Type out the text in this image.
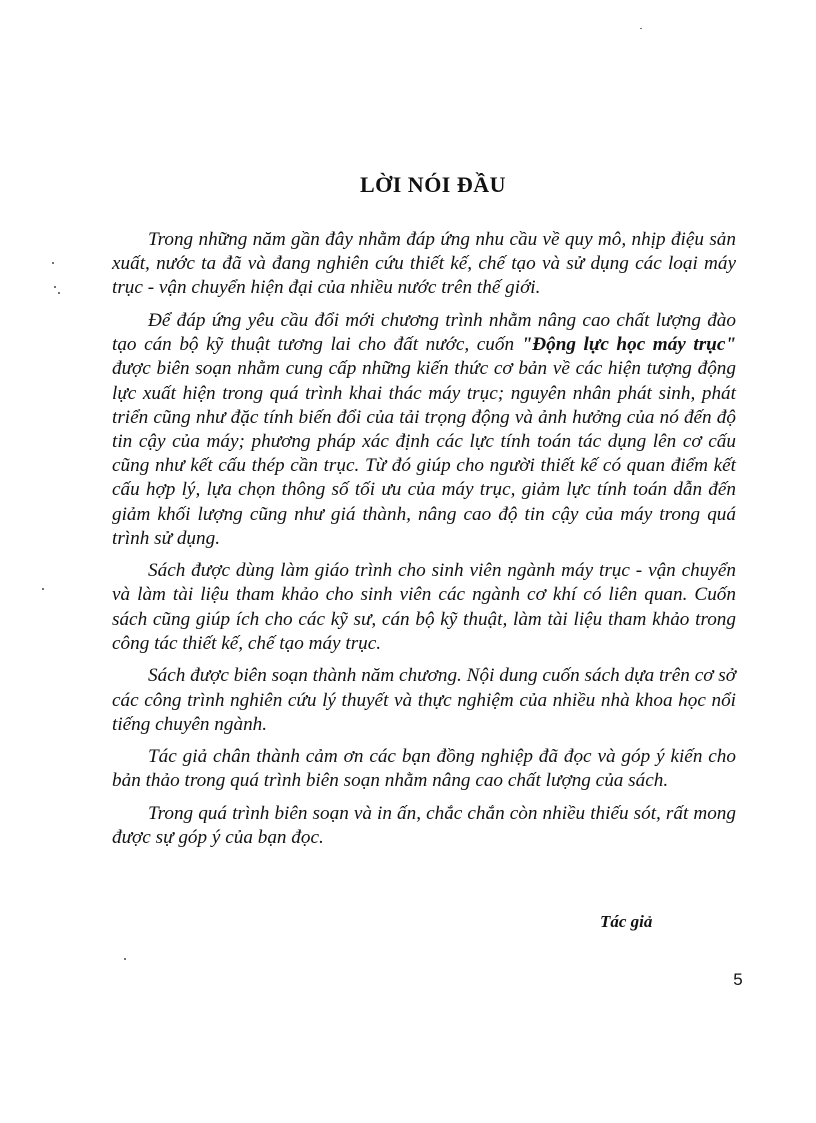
LỜI NÓI ĐẦU

Trong những năm gần đây nhằm đáp ứng nhu cầu về quy mô, nhịp điệu sản xuất, nước ta đã và đang nghiên cứu thiết kế, chế tạo và sử dụng các loại máy trục - vận chuyển hiện đại của nhiều nước trên thế giới.

Để đáp ứng yêu cầu đổi mới chương trình nhằm nâng cao chất lượng đào tạo cán bộ kỹ thuật tương lai cho đất nước, cuốn "Động lực học máy trục" được biên soạn nhằm cung cấp những kiến thức cơ bản về các hiện tượng động lực xuất hiện trong quá trình khai thác máy trục; nguyên nhân phát sinh, phát triển cũng như đặc tính biến đổi của tải trọng động và ảnh hưởng của nó đến độ tin cậy của máy; phương pháp xác định các lực tính toán tác dụng lên cơ cấu cũng như kết cấu thép cần trục. Từ đó giúp cho người thiết kế có quan điểm kết cấu hợp lý, lựa chọn thông số tối ưu của máy trục, giảm lực tính toán dẫn đến giảm khối lượng cũng như giá thành, nâng cao độ tin cậy của máy trong quá trình sử dụng.

Sách được dùng làm giáo trình cho sinh viên ngành máy trục - vận chuyển và làm tài liệu tham khảo cho sinh viên các ngành cơ khí có liên quan. Cuốn sách cũng giúp ích cho các kỹ sư, cán bộ kỹ thuật, làm tài liệu tham khảo trong công tác thiết kế, chế tạo máy trục.

Sách được biên soạn thành năm chương. Nội dung cuốn sách dựa trên cơ sở các công trình nghiên cứu lý thuyết và thực nghiệm của nhiều nhà khoa học nổi tiếng chuyên ngành.

Tác giả chân thành cảm ơn các bạn đồng nghiệp đã đọc và góp ý kiến cho bản thảo trong quá trình biên soạn nhằm nâng cao chất lượng của sách.

Trong quá trình biên soạn và in ấn, chắc chắn còn nhiều thiếu sót, rất mong được sự góp ý của bạn đọc.

Tác giả
5
